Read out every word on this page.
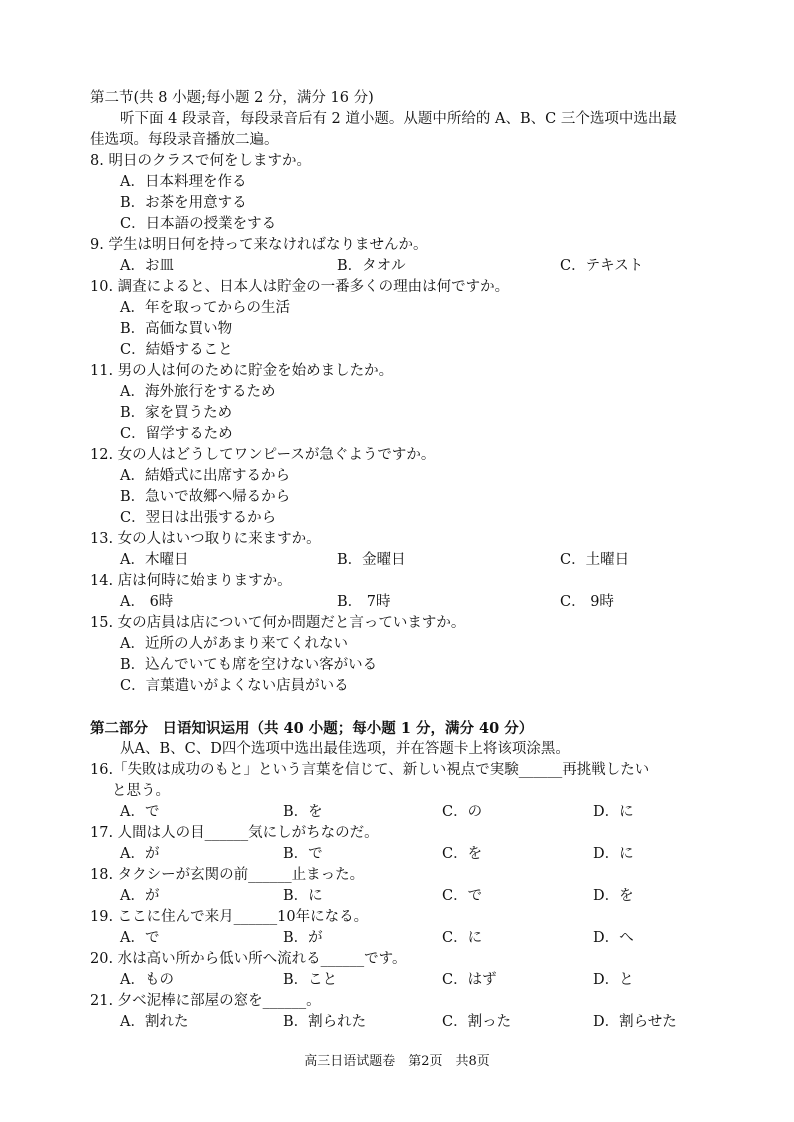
第二节(共 8 小题;每小题 2 分，满分 16 分)
听下面 4 段录音，每段录音后有 2 道小题。从题中所给的 A、B、C 三个选项中选出最
佳选项。每段录音播放二遍。
8. 明日のクラスで何をしますか。
A．日本料理を作る
B．お茶を用意する
C．日本語の授業をする
9. 学生は明日何を持って来なければなりませんか。
A．お皿	B．タオル	C．テキスト
10. 調査によると、日本人は貯金の一番多くの理由は何ですか。
A．年を取ってからの生活
B．高価な買い物
C．結婚すること
11. 男の人は何のために貯金を始めましたか。
A．海外旅行をするため
B．家を買うため
C．留学するため
12. 女の人はどうしてワンピースが急ぐようですか。
A．結婚式に出席するから
B．急いで故郷へ帰るから
C．翌日は出張するから
13. 女の人はいつ取りに来ますか。
A．木曜日	B．金曜日	C．土曜日
14. 店は何時に始まりますか。
A． 6時	B． 7時	C． 9時
15. 女の店員は店について何か問題だと言っていますか。
A．近所の人があまり来てくれない
B．込んでいても席を空けない客がいる
C．言葉遣いがよくない店員がいる
第二部分　日语知识运用（共 40 小题；每小题 1 分，满分 40 分）
从A、B、C、D四个选项中选出最佳选项，并在答题卡上将该项涂黑。
16.「失敗は成功のもと」という言葉を信じて、新しい視点で実験______再挑戦したい
と思う。
A．で	B．を	C．の	D．に
17. 人間は人の目______気にしがちなのだ。
A．が	B．で	C．を	D．に
18. タクシーが玄関の前______止まった。
A．が	B．に	C．で	D．を
19. ここに住んで来月______10年になる。
A．で	B．が	C．に	D．へ
20. 水は高い所から低い所へ流れる______です。
A．もの	B．こと	C．はず	D．と
21. 夕べ泥棒に部屋の窓を______。
A．割れた	B．割られた	C．割った	D．割らせた
高三日语试题卷　第2页　共8页
